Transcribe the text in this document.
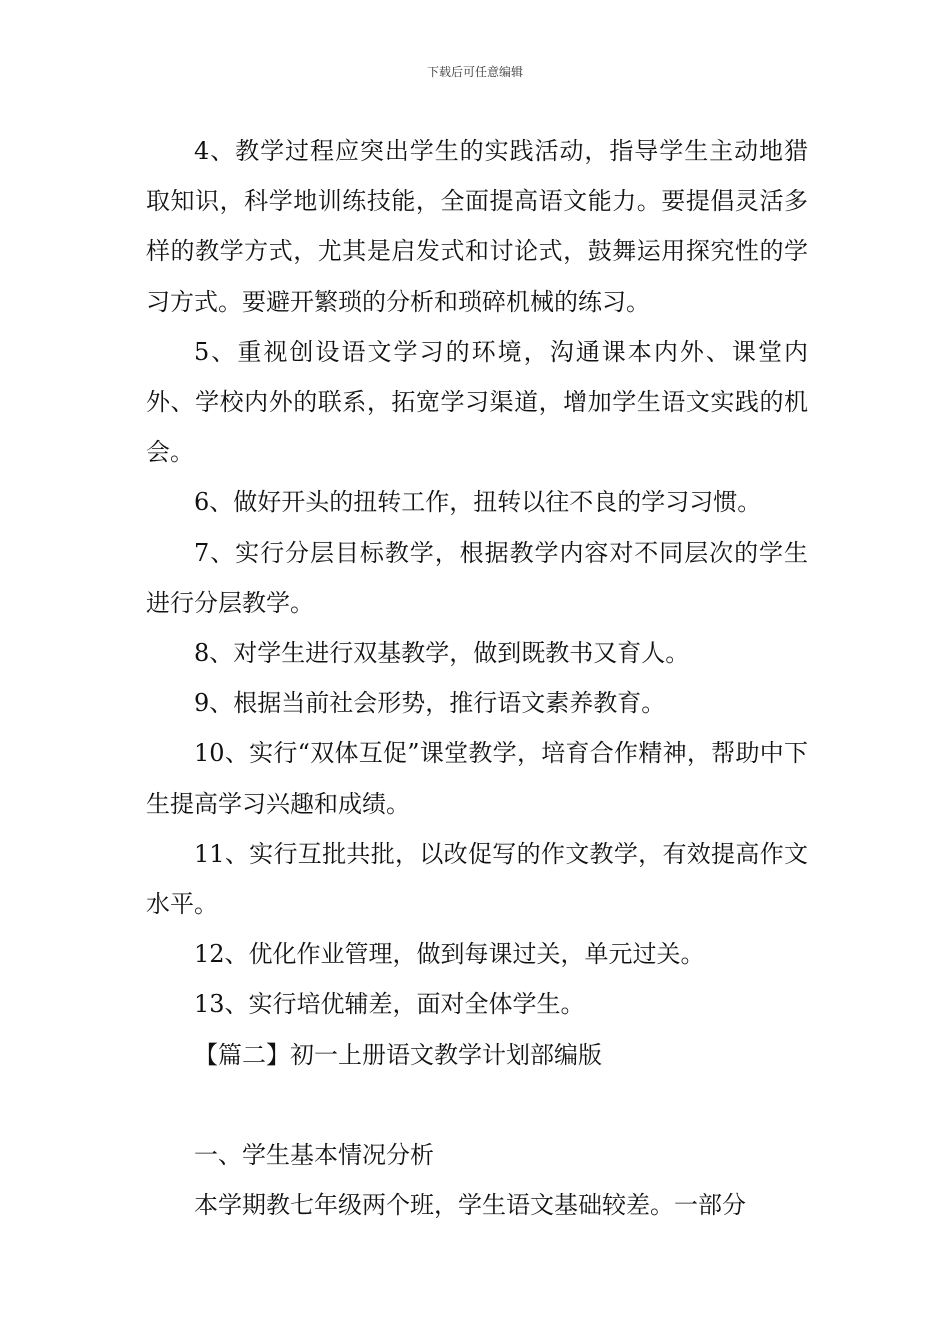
下载后可任意编辑

4、教学过程应突出学生的实践活动，指导学生主动地猎取知识，科学地训练技能，全面提高语文能力。要提倡灵活多样的教学方式，尤其是启发式和讨论式，鼓舞运用探究性的学习方式。要避开繁琐的分析和琐碎机械的练习。

5、重视创设语文学习的环境，沟通课本内外、课堂内外、学校内外的联系，拓宽学习渠道，增加学生语文实践的机会。

6、做好开头的扭转工作，扭转以往不良的学习习惯。

7、实行分层目标教学，根据教学内容对不同层次的学生进行分层教学。

8、对学生进行双基教学，做到既教书又育人。

9、根据当前社会形势，推行语文素养教育。

10、实行“双体互促”课堂教学，培育合作精神，帮助中下生提高学习兴趣和成绩。

11、实行互批共批，以改促写的作文教学，有效提高作文水平。

12、优化作业管理，做到每课过关，单元过关。

13、实行培优辅差，面对全体学生。

【篇二】初一上册语文教学计划部编版

一、学生基本情况分析

本学期教七年级两个班，学生语文基础较差。一部分
